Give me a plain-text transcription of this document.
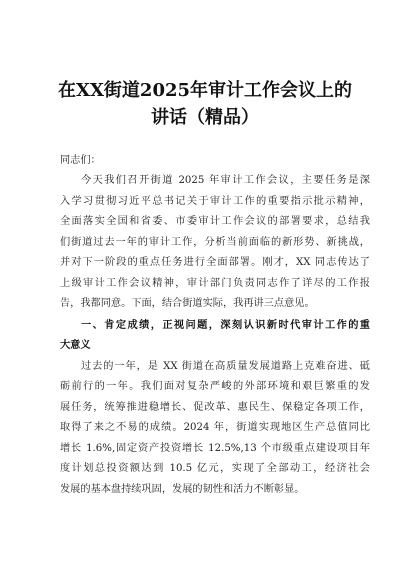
在XX街道2025年审计工作会议上的
讲话（精品）
同志们：
今天我们召开街道 2025 年审计工作会议，主要任务是深
入学习贯彻习近平总书记关于审计工作的重要指示批示精神，
全面落实全国和省委、市委审计工作会议的部署要求，总结我
们街道过去一年的审计工作，分析当前面临的新形势、新挑战，
并对下一阶段的重点任务进行全面部署。刚才，XX 同志传达了
上级审计工作会议精神，审计部门负责同志作了详尽的工作报
告，我都同意。下面，结合街道实际，我再讲三点意见。
一、肯定成绩，正视问题，深刻认识新时代审计工作的重
大意义
过去的一年，是 XX 街道在高质量发展道路上克难奋进、砥
砺前行的一年。我们面对复杂严峻的外部环境和艰巨繁重的发
展任务，统筹推进稳增长、促改革、惠民生、保稳定各项工作，
取得了来之不易的成绩。2024 年，街道实现地区生产总值同比
增长 1.6%,固定资产投资增长 12.5%,13 个市级重点建设项目年
度计划总投资额达到 10.5 亿元，实现了全部动工，经济社会
发展的基本盘持续巩固，发展的韧性和活力不断彰显。
